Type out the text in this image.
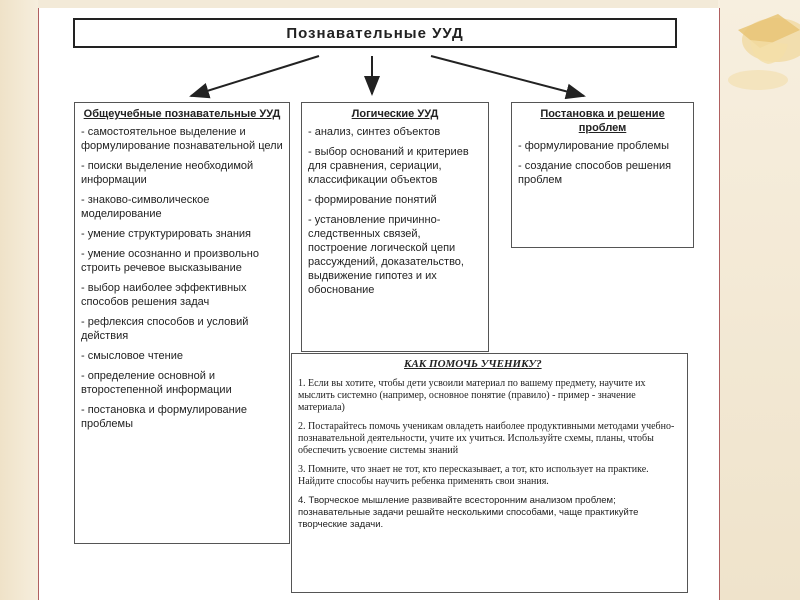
Познавательные УУД
Общеучебные познавательные УУД
- самостоятельное выделение и формулирование познавательной цели
- поиски выделение необходимой информации
- знаково-символическое моделирование
- умение структурировать знания
- умение осознанно и произвольно строить речевое высказывание
- выбор наиболее эффективных способов решения задач
- рефлексия способов и условий действия
- смысловое чтение
- определение основной и второстепенной информации
- постановка и формулирование проблемы
Логические УУД
- анализ, синтез объектов
- выбор оснований и критериев для сравнения, сериации, классификации объектов
- формирование понятий
- установление причинно-следственных связей, построение логической цепи рассуждений, доказательство, выдвижение гипотез и их обоснование
Постановка и решение проблем
- формулирование проблемы
- создание способов решения проблем
КАК ПОМОЧЬ УЧЕНИКУ?
1. Если вы хотите, чтобы дети усвоили материал по вашему предмету, научите их мыслить системно (например, основное понятие (правило) - пример - значение материала)
2. Постарайтесь помочь ученикам овладеть наиболее продуктивными методами учебно-познавательной деятельности, учите их учиться. Используйте схемы, планы, чтобы обеспечить усвоение системы знаний
3. Помните, что знает не тот, кто пересказывает, а тот, кто использует на практике. Найдите способы научить ребенка применять свои знания.
4. Творческое мышление развивайте всесторонним анализом проблем; познавательные задачи решайте несколькими способами, чаще практикуйте творческие задачи.
